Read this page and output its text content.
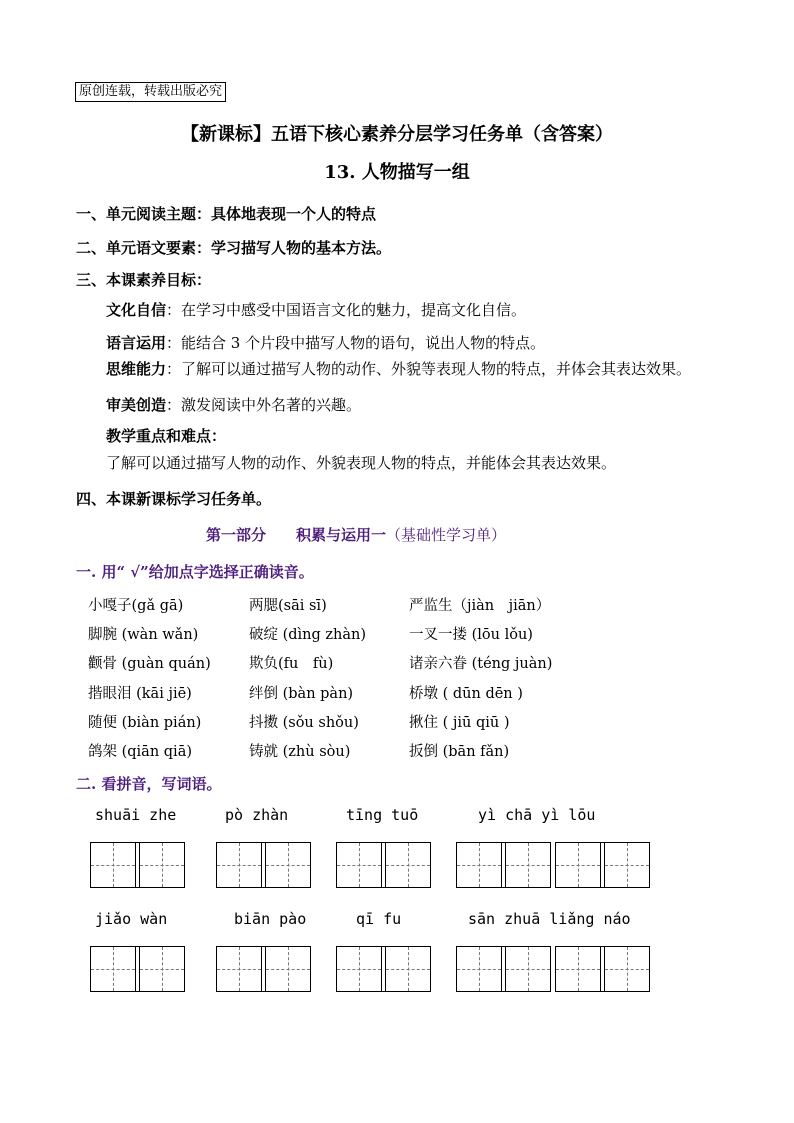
原创连载，转载出版必究
【新课标】五语下核心素养分层学习任务单（含答案）
13. 人物描写一组
一、单元阅读主题：具体地表现一个人的特点
二、单元语文要素：学习描写人物的基本方法。
三、本课素养目标：
文化自信：在学习中感受中国语言文化的魅力，提高文化自信。
语言运用：能结合 3 个片段中描写人物的语句，说出人物的特点。
思维能力：了解可以通过描写人物的动作、外貌等表现人物的特点，并体会其表达效果。
审美创造：激发阅读中外名著的兴趣。
教学重点和难点：
了解可以通过描写人物的动作、外貌表现人物的特点，并能体会其表达效果。
四、本课新课标学习任务单。
第一部分 积累与运用一（基础性学习单）
一. 用“ √”给加点字选择正确读音。
小嘎子(gǎ gā)	两腮(sāi sī)	严监生（jiàn　jiān）
脚腕 (wàn wǎn)	破绽 (dìng zhàn)	一叉一搂 (lōu lǒu)
颧骨 (guàn quán)	欺负(fu　fù)	诸亲六眷 (téng juàn)
揩眼泪 (kāi jiē)	绊倒 (bàn pàn)	桥墩 ( dūn dēn )
随便 (biàn pián)	抖擞 (sǒu shǒu)	揪住 ( jiū qiū )
鸽架 (qiān qiā)	铸就 (zhù sòu)	扳倒 (bān fǎn)
二. 看拼音，写词语。
shuāi zhe	pò zhàn	tīng tuō	yì chā yì lōu
jiǎo wàn	biān pào	qī fu	sān zhuā liǎng náo
